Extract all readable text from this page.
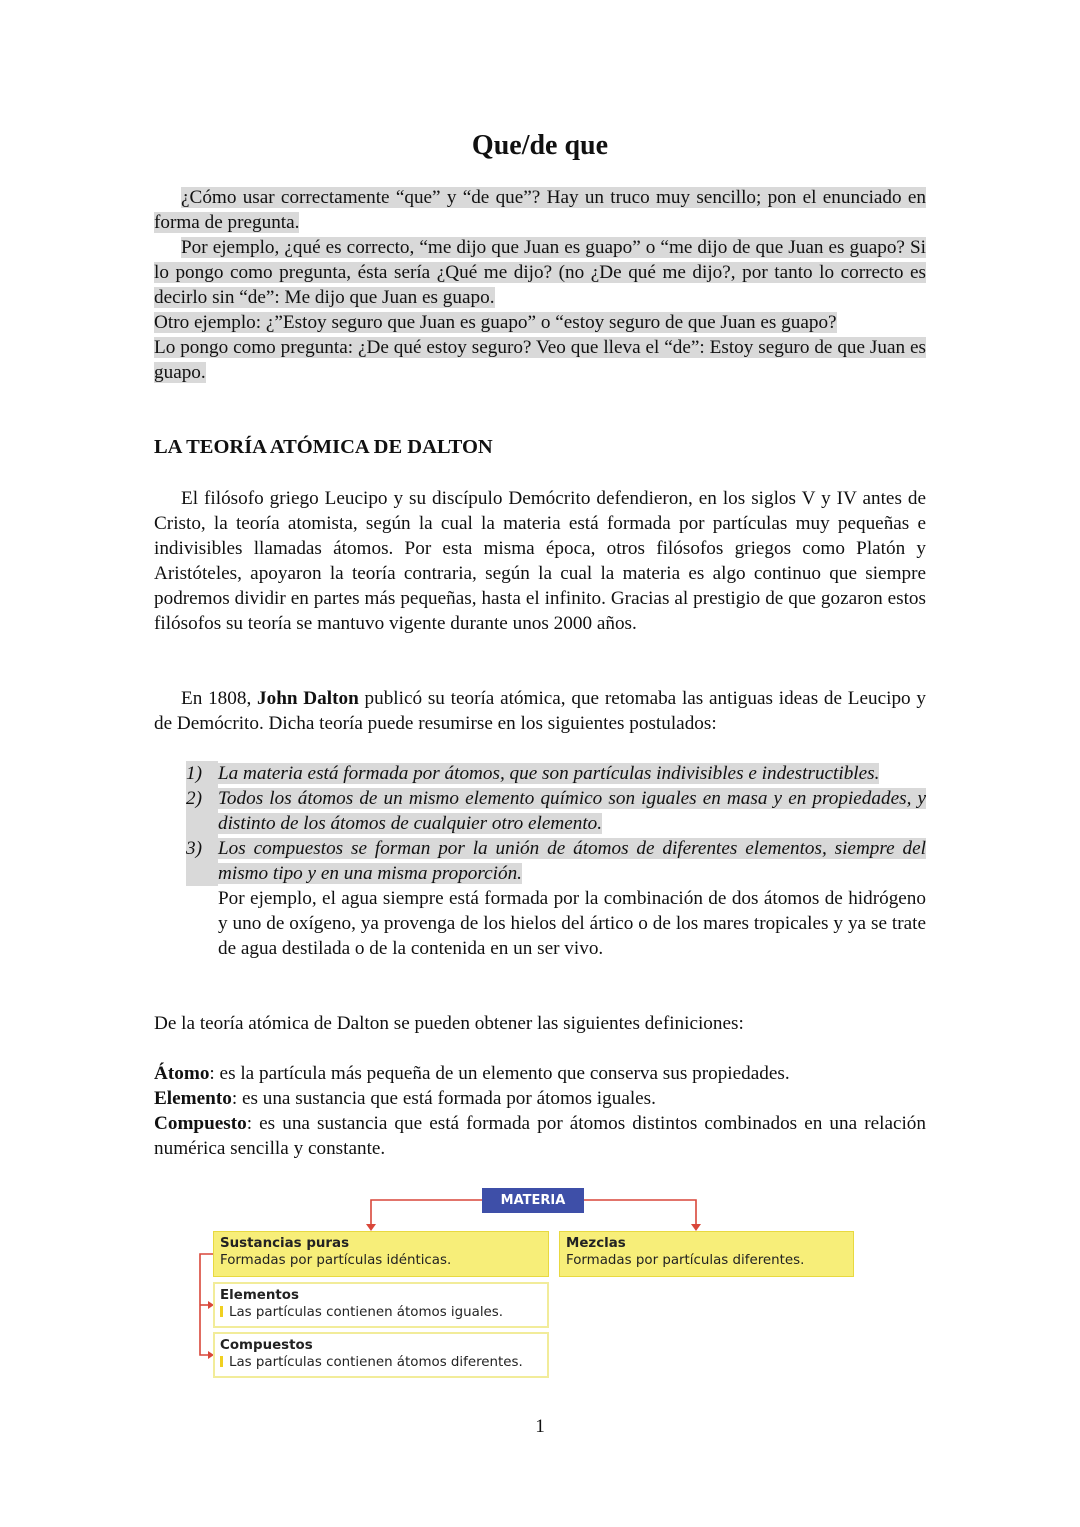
Que/de que

¿Cómo usar correctamente “que” y “de que”? Hay un truco muy sencillo; pon el enunciado en forma de pregunta.

Por ejemplo, ¿qué es correcto, “me dijo que Juan es guapo” o “me dijo de que Juan es guapo? Si lo pongo como pregunta, ésta sería ¿Qué me dijo? (no ¿De qué me dijo?, por tanto lo correcto es decirlo sin “de”: Me dijo que Juan es guapo.

Otro ejemplo: ¿”Estoy seguro que Juan es guapo” o “estoy seguro de que Juan es guapo?

Lo pongo como pregunta: ¿De qué estoy seguro? Veo que lleva el “de”: Estoy seguro de que Juan es guapo.

LA TEORÍA ATÓMICA DE DALTON

El filósofo griego Leucipo y su discípulo Demócrito defendieron, en los siglos V y IV antes de Cristo, la teoría atomista, según la cual la materia está formada por partículas muy pequeñas e indivisibles llamadas átomos. Por esta misma época, otros filósofos griegos como Platón y Aristóteles, apoyaron la teoría contraria, según la cual la materia es algo continuo que siempre podremos dividir en partes más pequeñas, hasta el infinito. Gracias al prestigio de que gozaron estos filósofos su teoría se mantuvo vigente durante unos 2000 años.

En 1808, John Dalton publicó su teoría atómica, que retomaba las antiguas ideas de Leucipo y de Demócrito. Dicha teoría puede resumirse en los siguientes postulados:

1) La materia está formada por átomos, que son partículas indivisibles e indestructibles.
2) Todos los átomos de un mismo elemento químico son iguales en masa y en propiedades, y distinto de los átomos de cualquier otro elemento.
3) Los compuestos se forman por la unión de átomos de diferentes elementos, siempre del mismo tipo y en una misma proporción.

Por ejemplo, el agua siempre está formada por la combinación de dos átomos de hidrógeno y uno de oxígeno, ya provenga de los hielos del ártico o de los mares tropicales y ya se trate de agua destilada o de la contenida en un ser vivo.

De la teoría atómica de Dalton se pueden obtener las siguientes definiciones:

Átomo: es la partícula más pequeña de un elemento que conserva sus propiedades.

Elemento: es una sustancia que está formada por átomos iguales.

Compuesto: es una sustancia que está formada por átomos distintos combinados en una relación numérica sencilla y constante.

1
MATERIA
Sustancias puras
Formadas por partículas idénticas.
Mezclas
Formadas por partículas diferentes.
Elementos
Las partículas contienen átomos iguales.
Compuestos
Las partículas contienen átomos diferentes.
